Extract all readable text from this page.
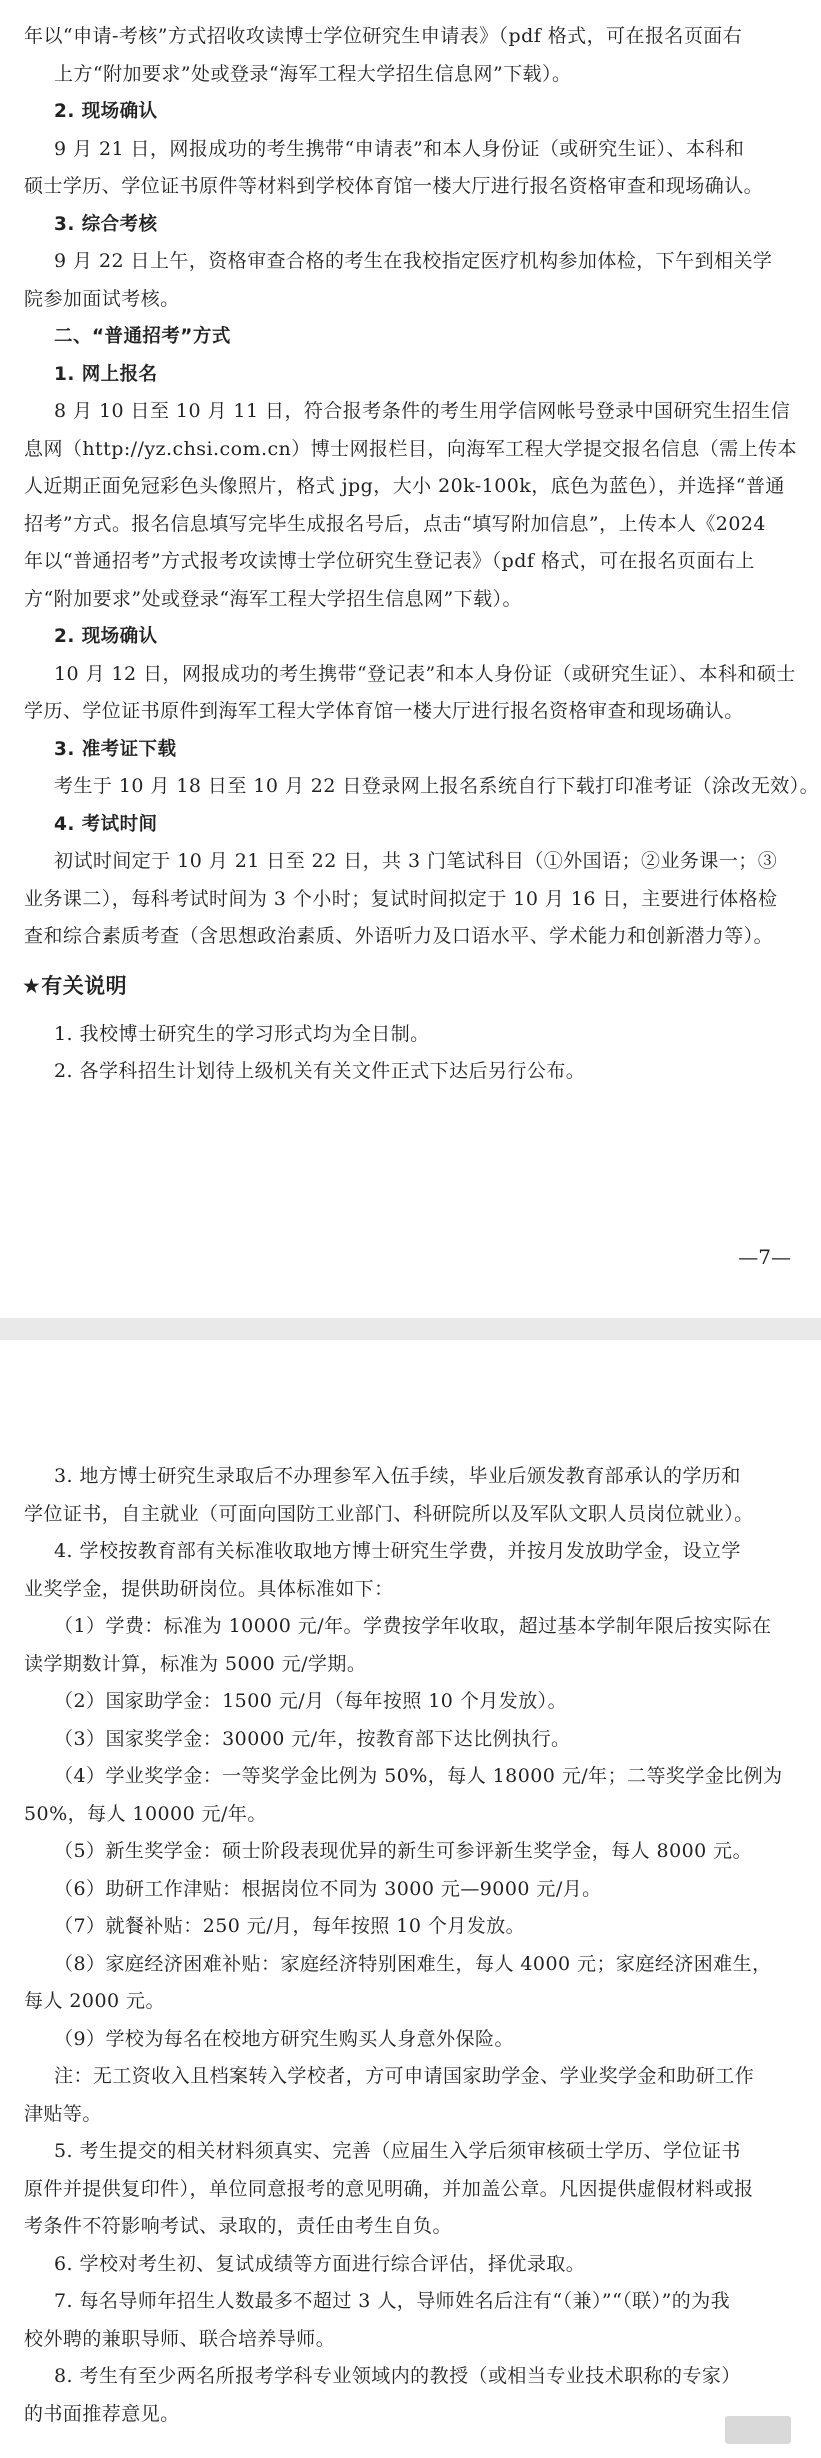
年以“申请-考核”方式招收攻读博士学位研究生申请表》（pdf 格式，可在报名页面右

上方“附加要求”处或登录“海军工程大学招生信息网”下载）。

2. 现场确认

9 月 21 日，网报成功的考生携带“申请表”和本人身份证（或研究生证）、本科和

硕士学历、学位证书原件等材料到学校体育馆一楼大厅进行报名资格审查和现场确认。

3. 综合考核

9 月 22 日上午，资格审查合格的考生在我校指定医疗机构参加体检，下午到相关学

院参加面试考核。

二、“普通招考”方式

1. 网上报名

8 月 10 日至 10 月 11 日，符合报考条件的考生用学信网帐号登录中国研究生招生信

息网（http://yz.chsi.com.cn）博士网报栏目，向海军工程大学提交报名信息（需上传本

人近期正面免冠彩色头像照片，格式 jpg，大小 20k-100k，底色为蓝色），并选择“普通

招考”方式。报名信息填写完毕生成报名号后，点击“填写附加信息”，上传本人《2024

年以“普通招考”方式报考攻读博士学位研究生登记表》（pdf 格式，可在报名页面右上

方“附加要求”处或登录“海军工程大学招生信息网”下载）。

2. 现场确认

10 月 12 日，网报成功的考生携带“登记表”和本人身份证（或研究生证）、本科和硕士

学历、学位证书原件到海军工程大学体育馆一楼大厅进行报名资格审查和现场确认。

3. 准考证下载

考生于 10 月 18 日至 10 月 22 日登录网上报名系统自行下载打印准考证（涂改无效）。

4. 考试时间

初试时间定于 10 月 21 日至 22 日，共 3 门笔试科目（①外国语；②业务课一；③

业务课二），每科考试时间为 3 个小时；复试时间拟定于 10 月 16 日，主要进行体格检

查和综合素质考查（含思想政治素质、外语听力及口语水平、学术能力和创新潜力等）。

★有关说明

1. 我校博士研究生的学习形式均为全日制。

2. 各学科招生计划待上级机关有关文件正式下达后另行公布。

—7—

3. 地方博士研究生录取后不办理参军入伍手续，毕业后颁发教育部承认的学历和

学位证书，自主就业（可面向国防工业部门、科研院所以及军队文职人员岗位就业）。

4. 学校按教育部有关标准收取地方博士研究生学费，并按月发放助学金，设立学

业奖学金，提供助研岗位。具体标准如下：

（1）学费：标准为 10000 元/年。学费按学年收取，超过基本学制年限后按实际在

读学期数计算，标准为 5000 元/学期。

（2）国家助学金：1500 元/月（每年按照 10 个月发放）。

（3）国家奖学金：30000 元/年，按教育部下达比例执行。

（4）学业奖学金：一等奖学金比例为 50%，每人 18000 元/年；二等奖学金比例为

50%，每人 10000 元/年。

（5）新生奖学金：硕士阶段表现优异的新生可参评新生奖学金，每人 8000 元。

（6）助研工作津贴：根据岗位不同为 3000 元—9000 元/月。

（7）就餐补贴：250 元/月，每年按照 10 个月发放。

（8）家庭经济困难补贴：家庭经济特别困难生，每人 4000 元；家庭经济困难生，

每人 2000 元。

（9）学校为每名在校地方研究生购买人身意外保险。

注：无工资收入且档案转入学校者，方可申请国家助学金、学业奖学金和助研工作

津贴等。

5. 考生提交的相关材料须真实、完善（应届生入学后须审核硕士学历、学位证书

原件并提供复印件），单位同意报考的意见明确，并加盖公章。凡因提供虚假材料或报

考条件不符影响考试、录取的，责任由考生自负。

6. 学校对考生初、复试成绩等方面进行综合评估，择优录取。

7. 每名导师年招生人数最多不超过 3 人，导师姓名后注有“（兼）”“（联）”的为我

校外聘的兼职导师、联合培养导师。

8. 考生有至少两名所报考学科专业领域内的教授（或相当专业技术职称的专家）

的书面推荐意见。
